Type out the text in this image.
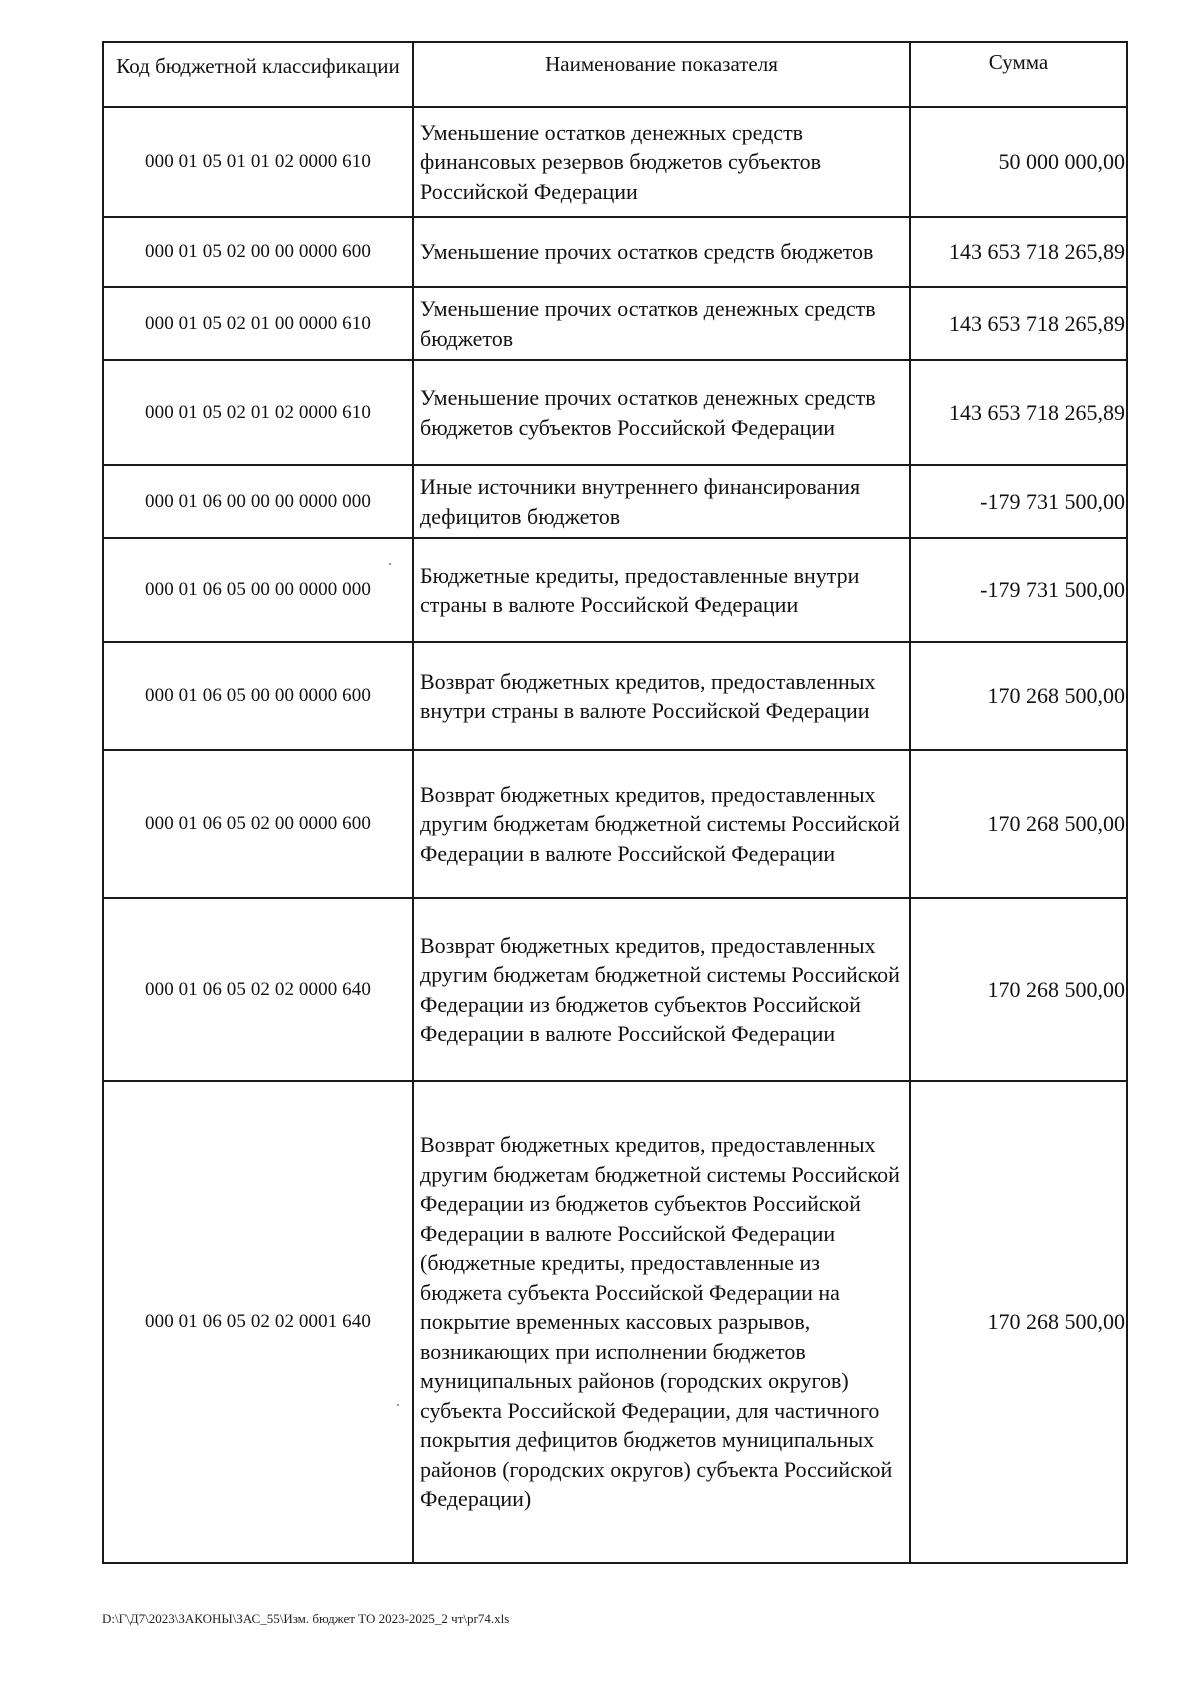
Код бюджетной классификации	Наименование показателя	Сумма
000 01 05 01 01 02 0000 610	Уменьшение остатков денежных средств финансовых резервов бюджетов субъектов Российской Федерации	50 000 000,00
000 01 05 02 00 00 0000 600	Уменьшение прочих остатков средств бюджетов	143 653 718 265,89
000 01 05 02 01 00 0000 610	Уменьшение прочих остатков денежных средств бюджетов	143 653 718 265,89
000 01 05 02 01 02 0000 610	Уменьшение прочих остатков денежных средств бюджетов субъектов Российской Федерации	143 653 718 265,89
000 01 06 00 00 00 0000 000	Иные источники внутреннего финансирования дефицитов бюджетов	-179 731 500,00
000 01 06 05 00 00 0000 000	Бюджетные кредиты, предоставленные внутри страны в валюте Российской Федерации	-179 731 500,00
000 01 06 05 00 00 0000 600	Возврат бюджетных кредитов, предоставленных внутри страны в валюте Российской Федерации	170 268 500,00
000 01 06 05 02 00 0000 600	Возврат бюджетных кредитов, предоставленных другим бюджетам бюджетной системы Российской Федерации в валюте Российской Федерации	170 268 500,00
000 01 06 05 02 02 0000 640	Возврат бюджетных кредитов, предоставленных другим бюджетам бюджетной системы Российской Федерации из бюджетов субъектов Российской Федерации в валюте Российской Федерации	170 268 500,00
000 01 06 05 02 02 0001 640	Возврат бюджетных кредитов, предоставленных другим бюджетам бюджетной системы Российской Федерации из бюджетов субъектов Российской Федерации в валюте Российской Федерации (бюджетные кредиты, предоставленные из бюджета субъекта Российской Федерации на покрытие временных кассовых разрывов, возникающих при исполнении бюджетов муниципальных районов (городских округов) субъекта Российской Федерации, для частичного покрытия дефицитов бюджетов муниципальных районов (городских округов) субъекта Российской Федерации)	170 268 500,00
D:\Г\Д7\2023\ЗАКОНЫ\ЗАС_55\Изм. бюджет ТО 2023-2025_2 чт\pr74.xls
